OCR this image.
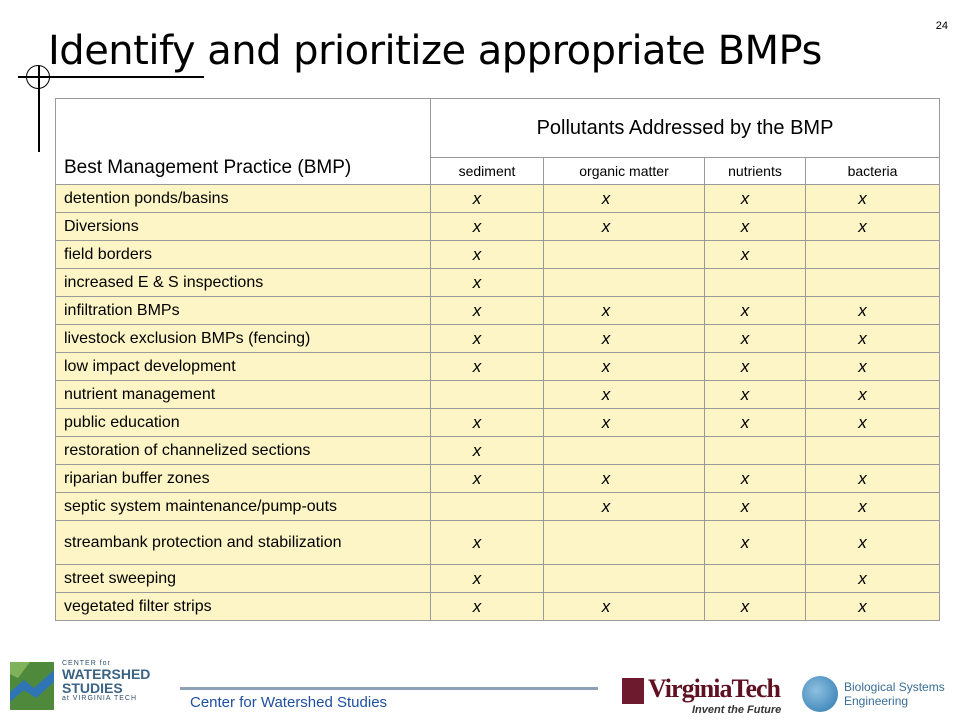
24
Identify and prioritize appropriate BMPs
Best Management Practice (BMP)	Pollutants Addressed by the BMP			
	sediment	organic matter	nutrients	bacteria
detention ponds/basins	x	x	x	x
Diversions	x	x	x	x
field borders	x		x	
increased E & S inspections	x			
infiltration BMPs	x	x	x	x
livestock exclusion BMPs (fencing)	x	x	x	x
low impact development	x	x	x	x
nutrient management		x	x	x
public education	x	x	x	x
restoration of channelized sections	x			
riparian buffer zones	x	x	x	x
septic system maintenance/pump-outs		x	x	x
streambank protection and stabilization	x		x	x
street sweeping	x			x
vegetated filter strips	x	x	x	x
CENTER for
WATERSHED
STUDIES
at VIRGINIA TECH	Center for Watershed Studies	VirginiaTech
Invent the Future
Biological Systems
Engineering
